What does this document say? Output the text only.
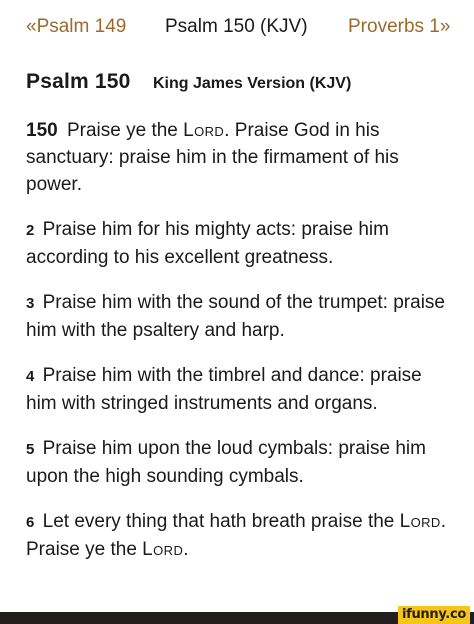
«Psalm 149 Psalm 150 (KJV) Proverbs 1»
Psalm 150 King James Version (KJV)

150 Praise ye the Lord. Praise God in his sanctuary: praise him in the firmament of his power.

2 Praise him for his mighty acts: praise him according to his excellent greatness.

3 Praise him with the sound of the trumpet: praise him with the psaltery and harp.

4 Praise him with the timbrel and dance: praise him with stringed instruments and organs.

5 Praise him upon the loud cymbals: praise him upon the high sounding cymbals.

6 Let every thing that hath breath praise the Lord. Praise ye the Lord.

ifunny.co
